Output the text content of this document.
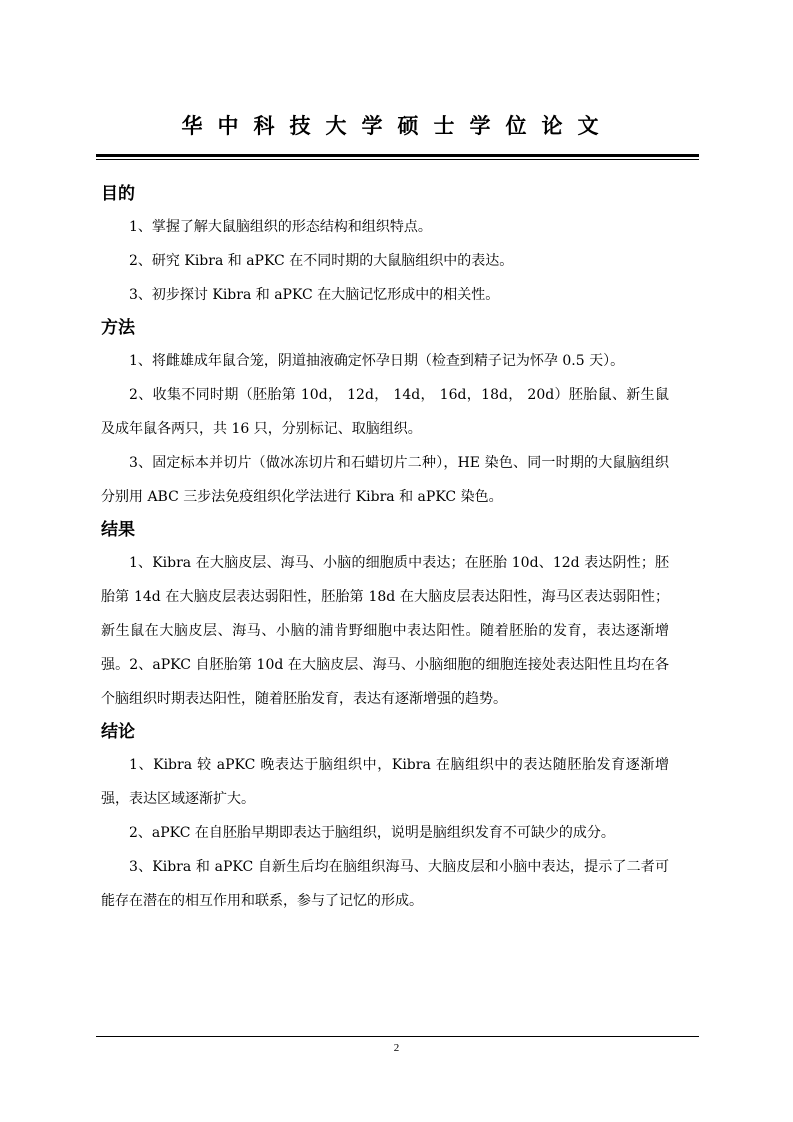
华中科技大学硕士学位论文
目的

1、掌握了解大鼠脑组织的形态结构和组织特点。

2、研究 Kibra 和 aPKC 在不同时期的大鼠脑组织中的表达。

3、初步探讨 Kibra 和 aPKC 在大脑记忆形成中的相关性。

方法

1、将雌雄成年鼠合笼，阴道抽液确定怀孕日期（检查到精子记为怀孕 0.5 天）。

2、收集不同时期（胚胎第 10d， 12d， 14d， 16d，18d， 20d）胚胎鼠、新生鼠及成年鼠各两只，共 16 只，分别标记、取脑组织。

3、固定标本并切片（做冰冻切片和石蜡切片二种），HE 染色、同一时期的大鼠脑组织分别用 ABC 三步法免疫组织化学法进行 Kibra 和 aPKC 染色。

结果

1、Kibra 在大脑皮层、海马、小脑的细胞质中表达；在胚胎 10d、12d 表达阴性；胚胎第 14d 在大脑皮层表达弱阳性，胚胎第 18d 在大脑皮层表达阳性，海马区表达弱阳性；新生鼠在大脑皮层、海马、小脑的浦肯野细胞中表达阳性。随着胚胎的发育，表达逐渐增强。2、aPKC 自胚胎第 10d 在大脑皮层、海马、小脑细胞的细胞连接处表达阳性且均在各个脑组织时期表达阳性，随着胚胎发育，表达有逐渐增强的趋势。

结论

1、Kibra 较 aPKC 晚表达于脑组织中，Kibra 在脑组织中的表达随胚胎发育逐渐增强，表达区域逐渐扩大。

2、aPKC 在自胚胎早期即表达于脑组织，说明是脑组织发育不可缺少的成分。

3、Kibra 和 aPKC 自新生后均在脑组织海马、大脑皮层和小脑中表达，提示了二者可能存在潜在的相互作用和联系，参与了记忆的形成。

2
